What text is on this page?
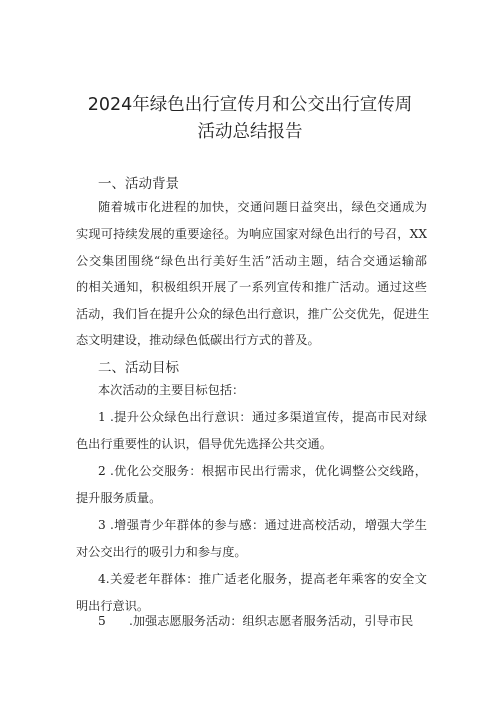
2024年绿色出行宣传月和公交出行宣传周
活动总结报告
一、活动背景
随着城市化进程的加快，交通问题日益突出，绿色交通成为
实现可持续发展的重要途径。为响应国家对绿色出行的号召，XX
公交集团围绕“绿色出行美好生活”活动主题，结合交通运输部
的相关通知，积极组织开展了一系列宣传和推广活动。通过这些
活动，我们旨在提升公众的绿色出行意识，推广公交优先，促进生
态文明建设，推动绿色低碳出行方式的普及。
二、活动目标
本次活动的主要目标包括：
1 .提升公众绿色出行意识：通过多渠道宣传，提高市民对绿
色出行重要性的认识，倡导优先选择公共交通。
2 .优化公交服务：根据市民出行需求，优化调整公交线路，
提升服务质量。
3 .增强青少年群体的参与感：通过进高校活动，增强大学生
对公交出行的吸引力和参与度。
4.关爱老年群体：推广适老化服务，提高老年乘客的安全文
明出行意识。
5      .加强志愿服务活动：组织志愿者服务活动，引导市民
